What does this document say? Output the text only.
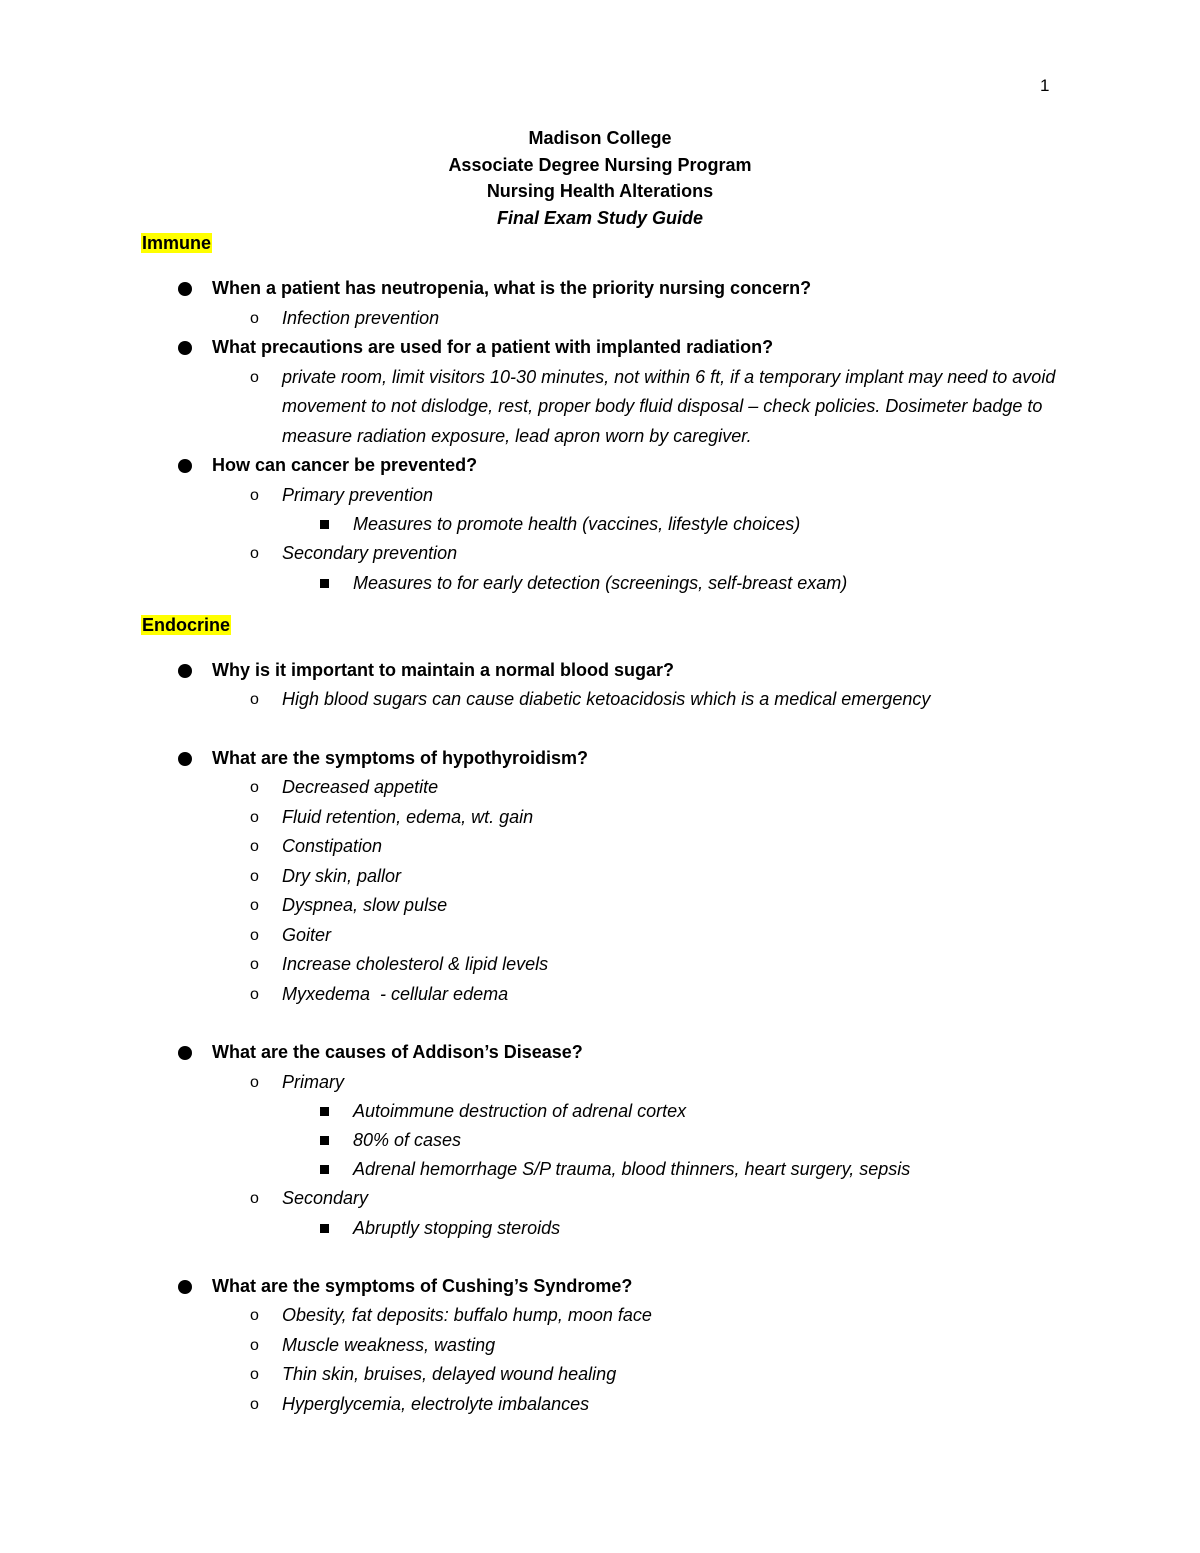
1
Madison College
Associate Degree Nursing Program
Nursing Health Alterations
Final Exam Study Guide
Immune
When a patient has neutropenia, what is the priority nursing concern?
o Infection prevention
What precautions are used for a patient with implanted radiation?
o private room, limit visitors 10-30 minutes, not within 6 ft, if a temporary implant may need to avoid movement to not dislodge, rest, proper body fluid disposal – check policies. Dosimeter badge to measure radiation exposure, lead apron worn by caregiver.
How can cancer be prevented?
o Primary prevention
Measures to promote health (vaccines, lifestyle choices)
o Secondary prevention
Measures to for early detection (screenings, self-breast exam)
Endocrine
Why is it important to maintain a normal blood sugar?
o High blood sugars can cause diabetic ketoacidosis which is a medical emergency
What are the symptoms of hypothyroidism?
o Decreased appetite
o Fluid retention, edema, wt. gain
o Constipation
o Dry skin, pallor
o Dyspnea, slow pulse
o Goiter
o Increase cholesterol & lipid levels
o Myxedema  - cellular edema
What are the causes of Addison’s Disease?
o Primary
Autoimmune destruction of adrenal cortex
80% of cases
Adrenal hemorrhage S/P trauma, blood thinners, heart surgery, sepsis
o Secondary
Abruptly stopping steroids
What are the symptoms of Cushing’s Syndrome?
o Obesity, fat deposits: buffalo hump, moon face
o Muscle weakness, wasting
o Thin skin, bruises, delayed wound healing
o Hyperglycemia, electrolyte imbalances
